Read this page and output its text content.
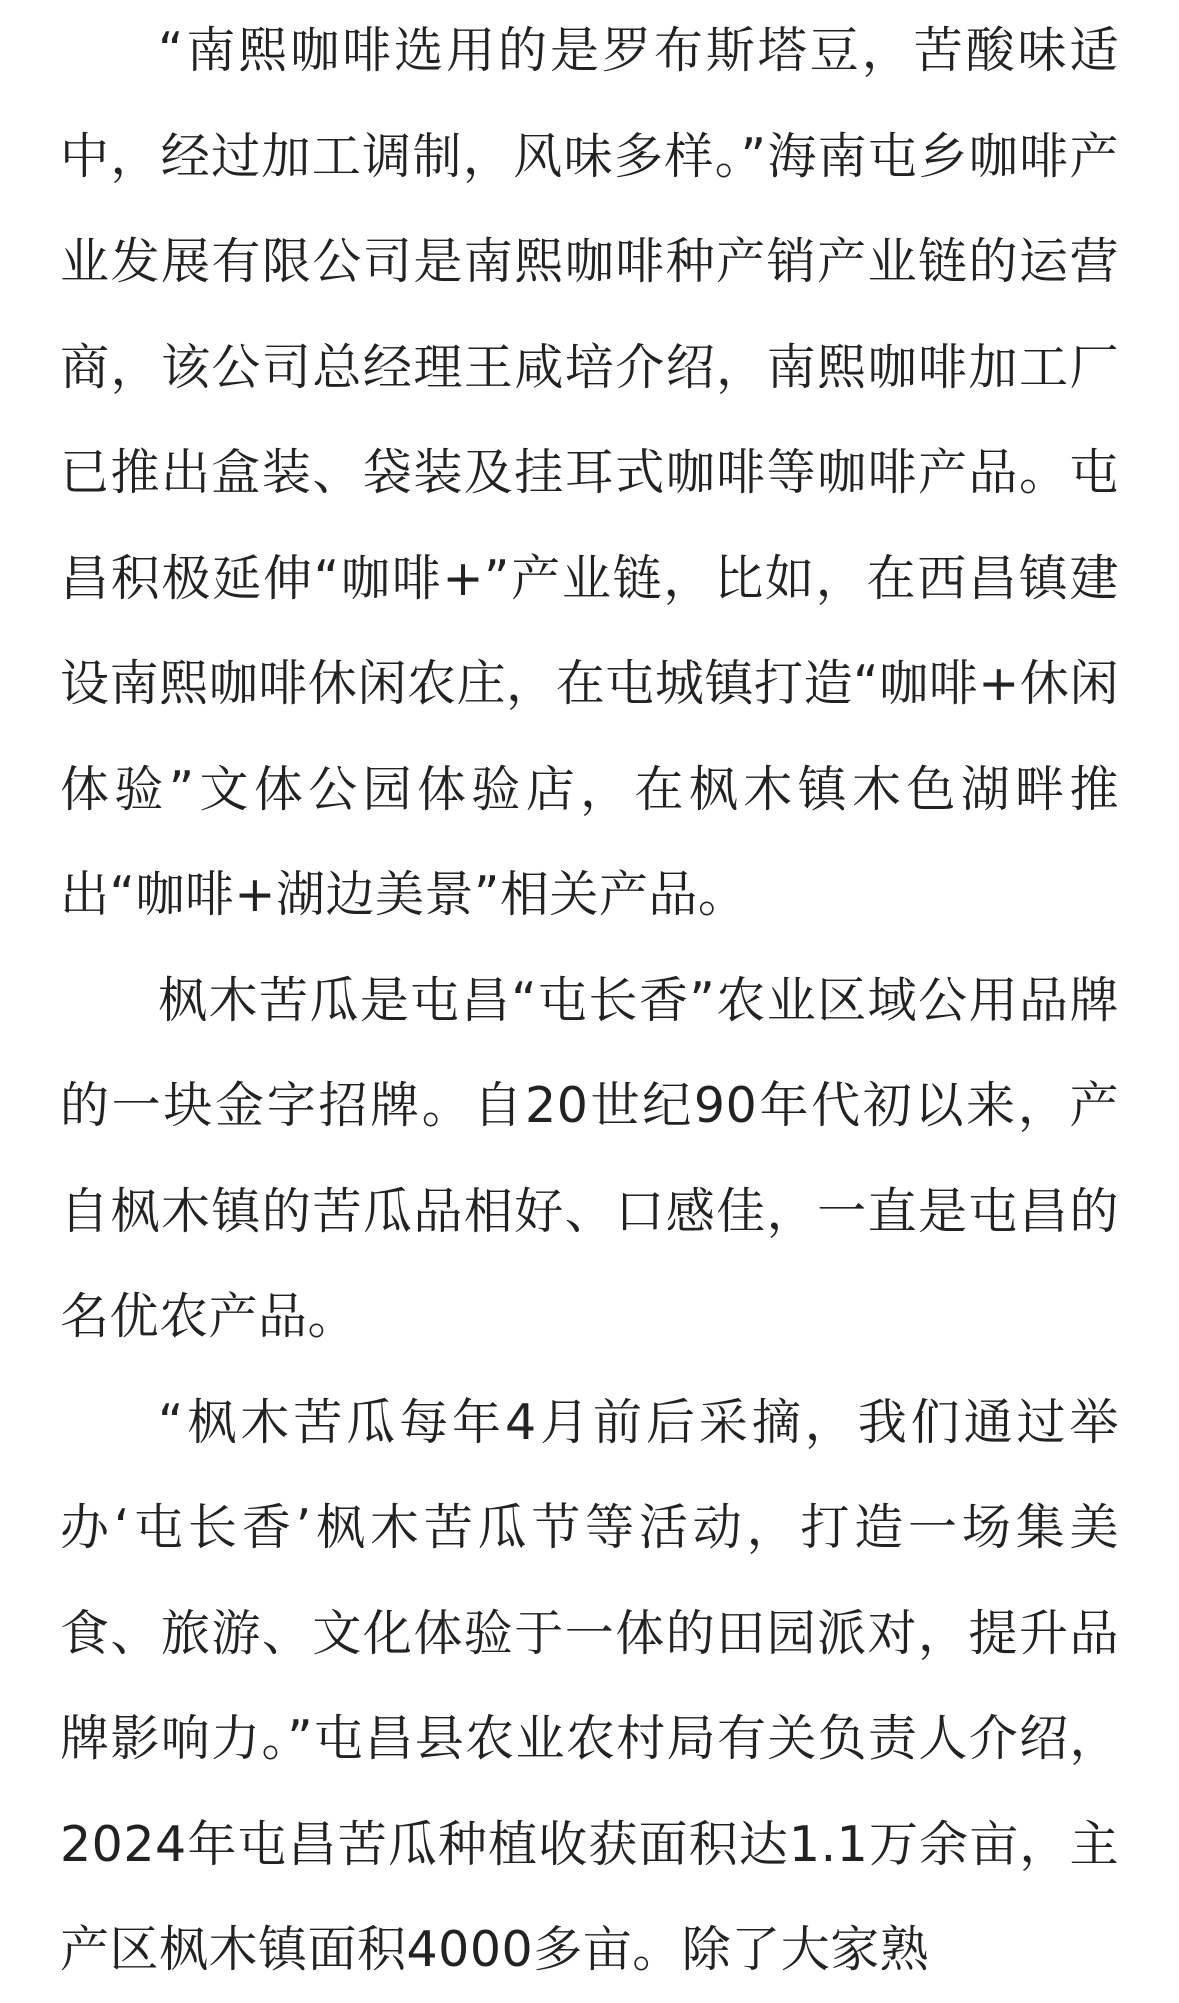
“南熙咖啡选用的是罗布斯塔豆，苦酸味适中，经过加工调制，风味多样。”海南屯乡咖啡产业发展有限公司是南熙咖啡种产销产业链的运营商，该公司总经理王咸培介绍，南熙咖啡加工厂已推出盒装、袋装及挂耳式咖啡等咖啡产品。屯昌积极延伸“咖啡+”产业链，比如，在西昌镇建设南熙咖啡休闲农庄，在屯城镇打造“咖啡+休闲体验”文体公园体验店，在枫木镇木色湖畔推出“咖啡+湖边美景”相关产品。

枫木苦瓜是屯昌“屯长香”农业区域公用品牌的一块金字招牌。自20世纪90年代初以来，产自枫木镇的苦瓜品相好、口感佳，一直是屯昌的名优农产品。

“枫木苦瓜每年4月前后采摘，我们通过举办‘屯长香’枫木苦瓜节等活动，打造一场集美食、旅游、文化体验于一体的田园派对，提升品牌影响力。”屯昌县农业农村局有关负责人介绍，2024年屯昌苦瓜种植收获面积达1.1万余亩，主产区枫木镇面积4000多亩。除了大家熟
